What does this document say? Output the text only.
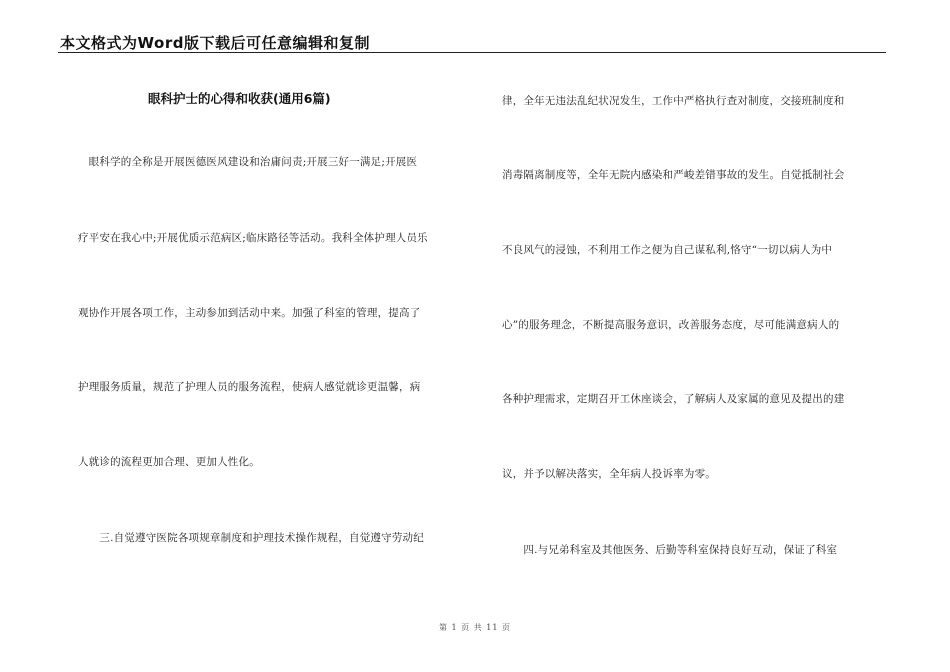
本文格式为Word版下载后可任意编辑和复制
眼科护士的心得和收获(通用6篇)
　眼科学的全称是开展医德医风建设和治庸问责;开展三好一满足;开展医
疗平安在我心中;开展优质示范病区;临床路径等活动。我科全体护理人员乐
观协作开展各项工作，主动参加到活动中来。加强了科室的管理，提高了
护理服务质量，规范了护理人员的服务流程，使病人感觉就诊更温馨，病
人就诊的流程更加合理、更加人性化。
　　三.自觉遵守医院各项规章制度和护理技术操作规程，自觉遵守劳动纪
律，全年无违法乱纪状况发生，工作中严格执行查对制度，交接班制度和
消毒隔离制度等，全年无院内感染和严峻差错事故的发生。自觉抵制社会
不良风气的浸蚀，不利用工作之便为自己谋私利,恪守“一切以病人为中
心”的服务理念，不断提高服务意识，改善服务态度，尽可能满意病人的
各种护理需求，定期召开工休座谈会，了解病人及家属的意见及提出的建
议，并予以解决落实，全年病人投诉率为零。
　　四.与兄弟科室及其他医务、后勤等科室保持良好互动，保证了科室
第 1 页 共 11 页
